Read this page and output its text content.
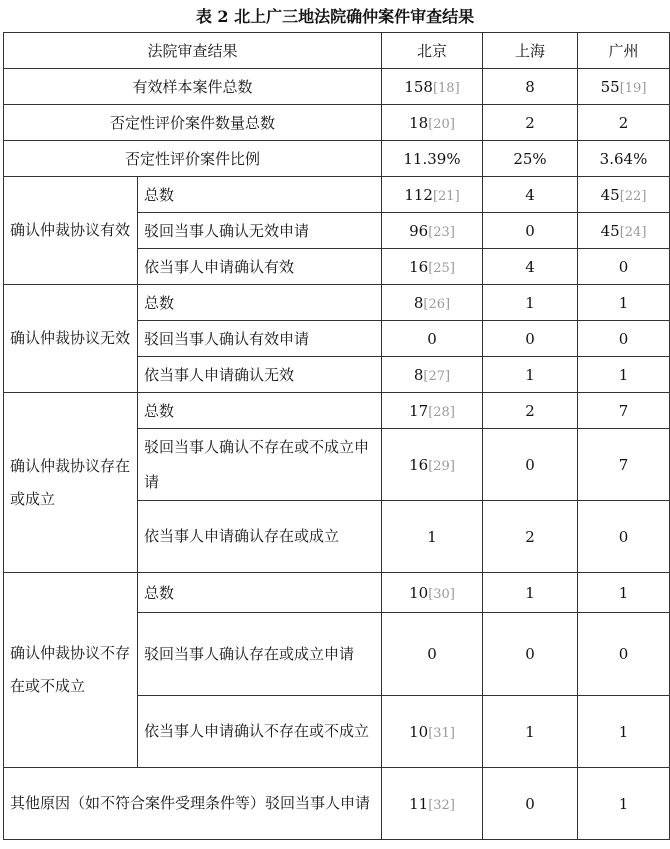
表 2 北上广三地法院确仲案件审查结果
法院审查结果		北京	上海	广州
有效样本案件总数		158[18]	8	55[19]
否定性评价案件数量总数		18[20]	2	2
否定性评价案件比例		11.39%	25%	3.64%
确认仲裁协议有效	总数	112[21]	4	45[22]
	驳回当事人确认无效申请	96[23]	0	45[24]
	依当事人申请确认有效	16[25]	4	0
确认仲裁协议无效	总数	8[26]	1	1
	驳回当事人确认有效申请	0	0	0
	依当事人申请确认无效	8[27]	1	1
确认仲裁协议存在或成立	总数	17[28]	2	7
	驳回当事人确认不存在或不成立申请	16[29]	0	7
	依当事人申请确认存在或成立	1	2	0
确认仲裁协议不存在或不成立	总数	10[30]	1	1
	驳回当事人确认存在或成立申请	0	0	0
	依当事人申请确认不存在或不成立	10[31]	1	1
其他原因（如不符合案件受理条件等）驳回当事人申请		11[32]	0	1
